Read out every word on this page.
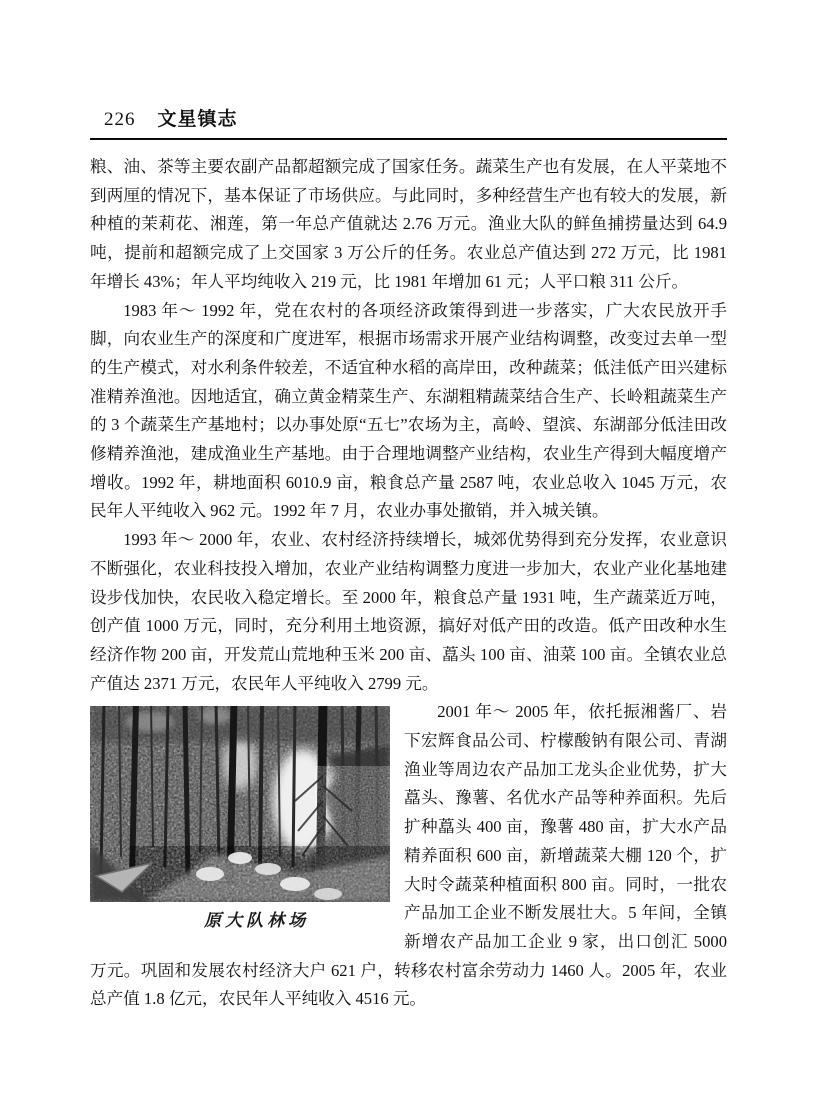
226 文星镇志

粮、油、茶等主要农副产品都超额完成了国家任务。蔬菜生产也有发展，在人平菜地不到两厘的情况下，基本保证了市场供应。与此同时，多种经营生产也有较大的发展，新种植的茉莉花、湘莲，第一年总产值就达 2.76 万元。渔业大队的鲜鱼捕捞量达到 64.9 吨，提前和超额完成了上交国家 3 万公斤的任务。农业总产值达到 272 万元，比 1981 年增长 43%；年人平均纯收入 219 元，比 1981 年增加 61 元；人平口粮 311 公斤。

1983 年～ 1992 年，党在农村的各项经济政策得到进一步落实，广大农民放开手脚，向农业生产的深度和广度进军，根据市场需求开展产业结构调整，改变过去单一型的生产模式，对水利条件较差，不适宜种水稻的高岸田，改种蔬菜；低洼低产田兴建标准精养渔池。因地适宜，确立黄金精菜生产、东湖粗精蔬菜结合生产、长岭粗蔬菜生产的 3 个蔬菜生产基地村；以办事处原“五七”农场为主，高岭、望滨、东湖部分低洼田改修精养渔池，建成渔业生产基地。由于合理地调整产业结构，农业生产得到大幅度增产增收。1992 年，耕地面积 6010.9 亩，粮食总产量 2587 吨，农业总收入 1045 万元，农民年人平纯收入 962 元。1992 年 7 月，农业办事处撤销，并入城关镇。

1993 年～ 2000 年，农业、农村经济持续增长，城郊优势得到充分发挥，农业意识不断强化，农业科技投入增加，农业产业结构调整力度进一步加大，农业产业化基地建设步伐加快，农民收入稳定增长。至 2000 年，粮食总产量 1931 吨，生产蔬菜近万吨，创产值 1000 万元，同时，充分利用土地资源，搞好对低产田的改造。低产田改种水生经济作物 200 亩，开发荒山荒地种玉米 200 亩、藠头 100 亩、油菜 100 亩。全镇农业总产值达 2371 万元，农民年人平纯收入 2799 元。

原大队林场
2001 年～ 2005 年，依托振湘酱厂、岩下宏辉食品公司、柠檬酸钠有限公司、青湖渔业等周边农产品加工龙头企业优势，扩大藠头、豫薯、名优水产品等种养面积。先后扩种藠头 400 亩，豫薯 480 亩，扩大水产品精养面积 600 亩，新增蔬菜大棚 120 个，扩大时令蔬菜种植面积 800 亩。同时，一批农产品加工企业不断发展壮大。5 年间，全镇新增农产品加工企业 9 家，出口创汇 5000 万元。巩固和发展农村经济大户 621 户，转移农村富余劳动力 1460 人。2005 年，农业总产值 1.8 亿元，农民年人平纯收入 4516 元。
